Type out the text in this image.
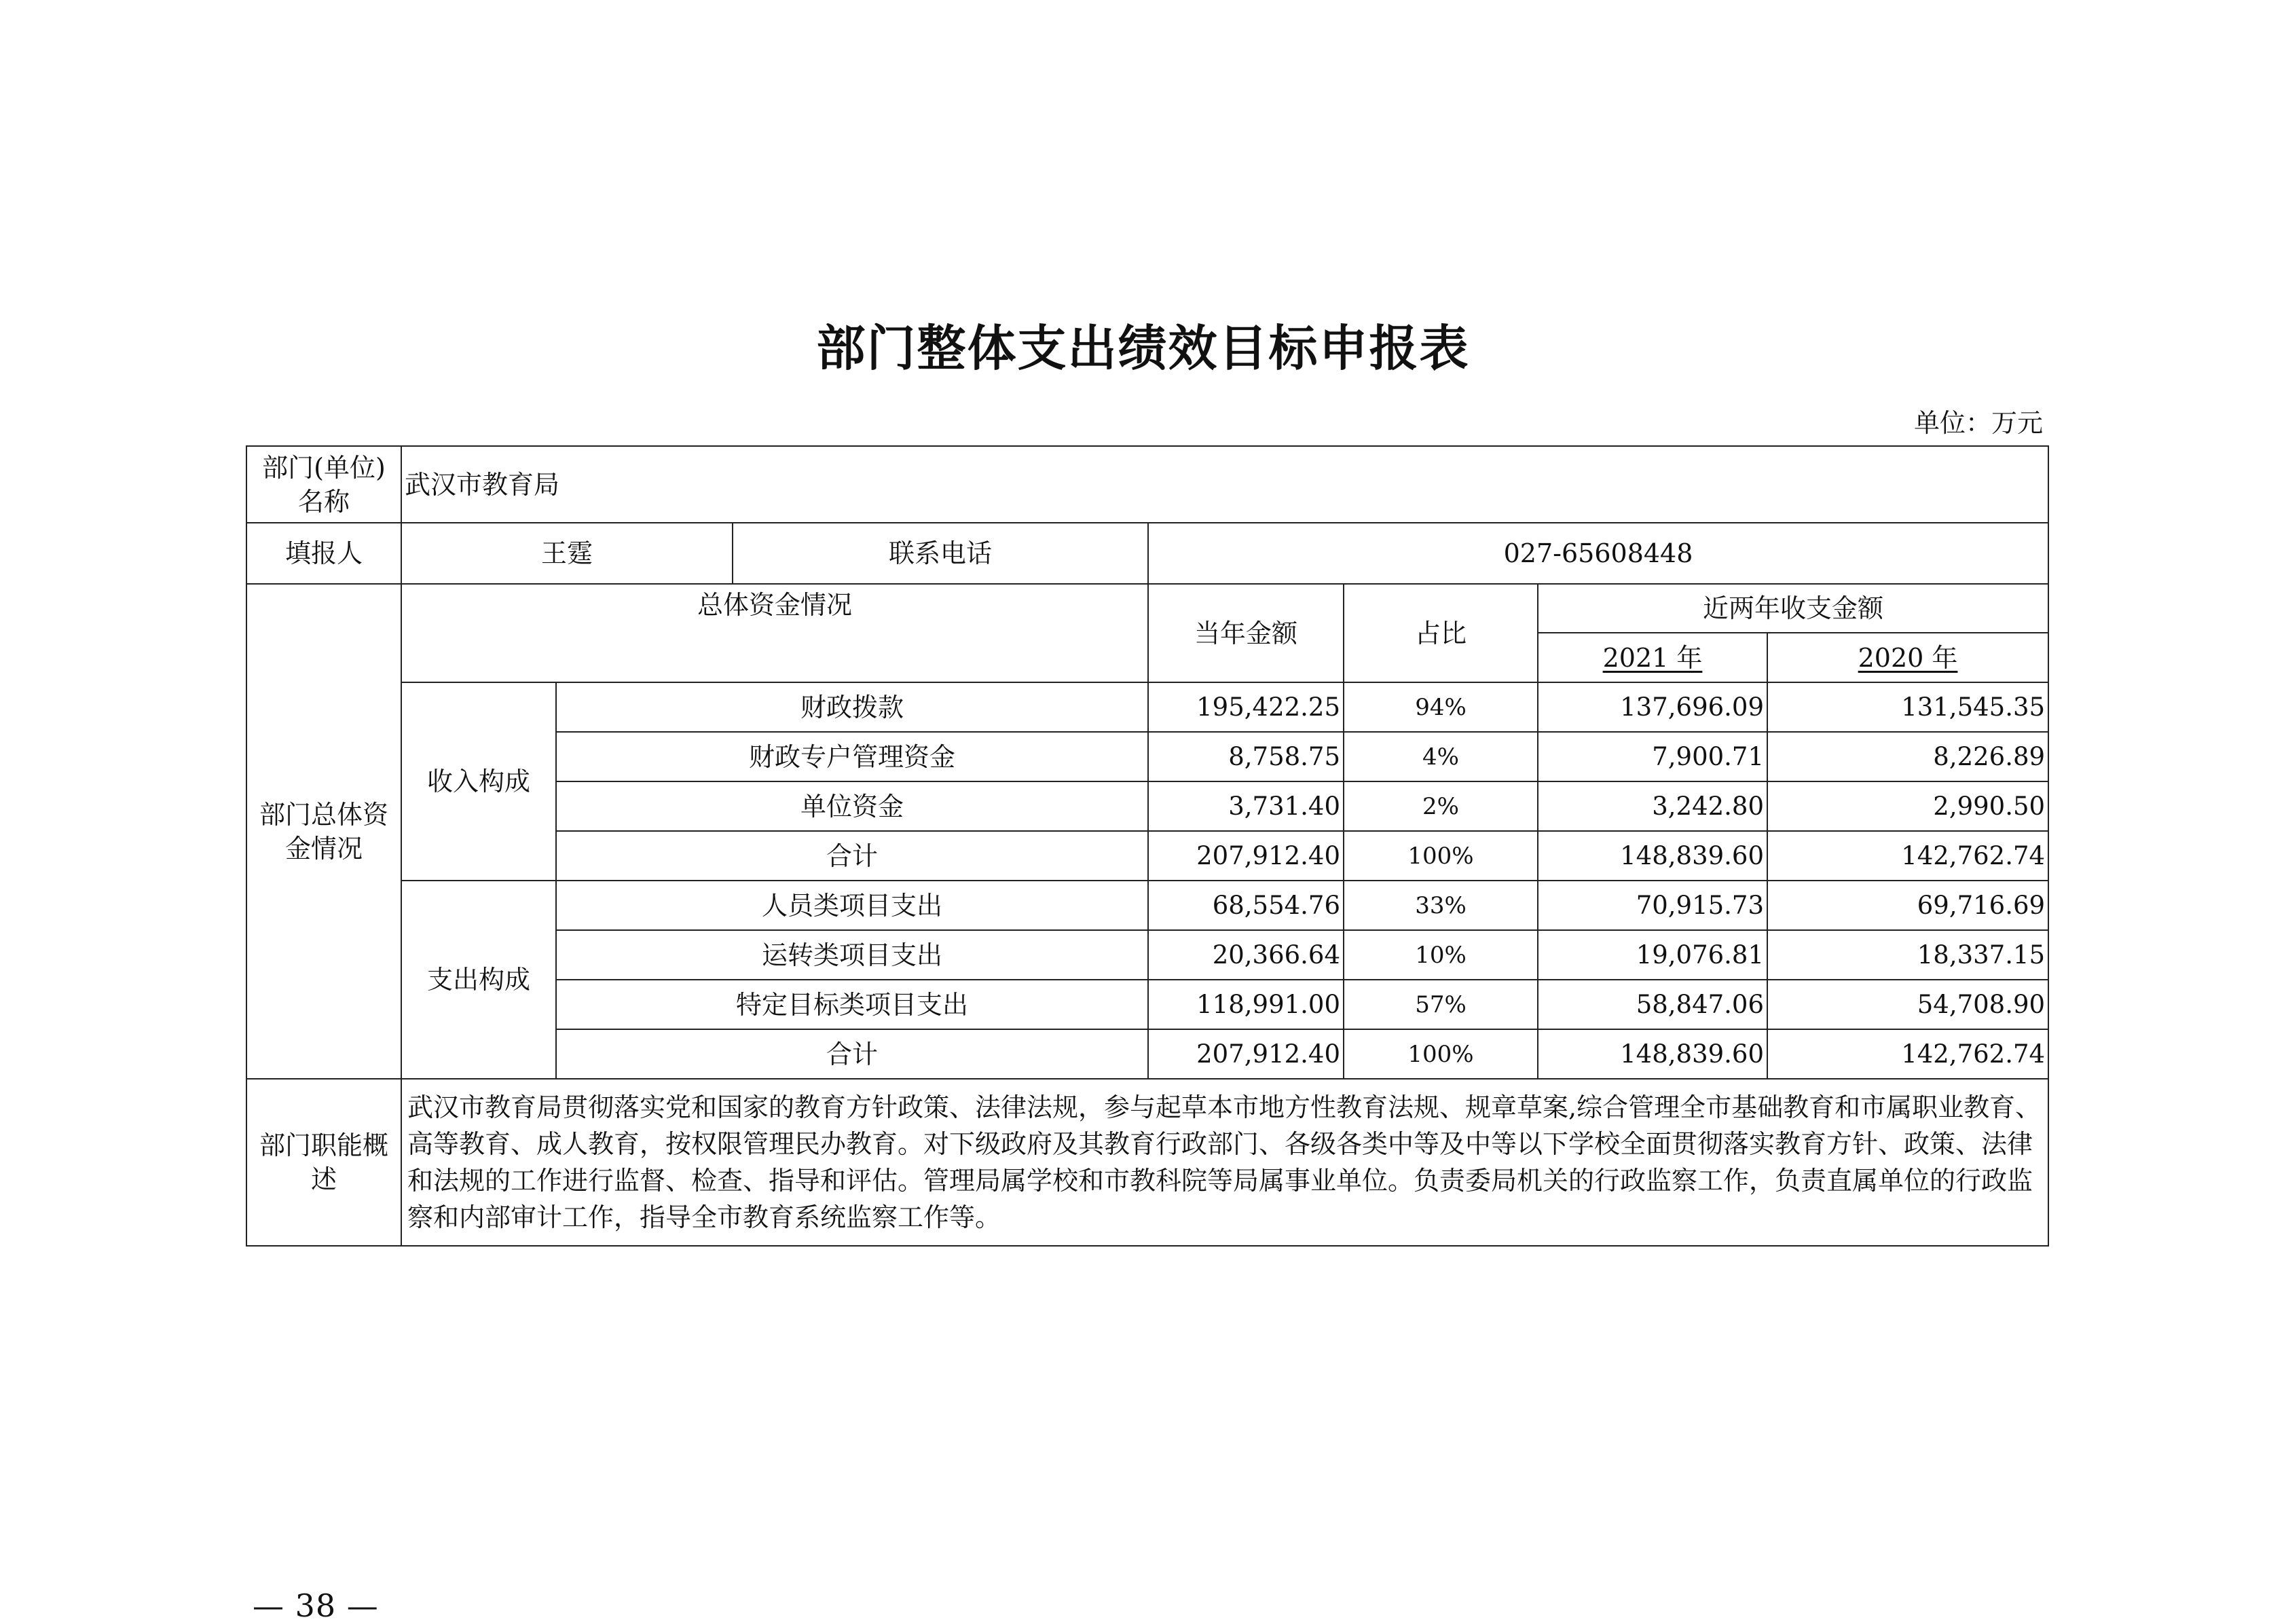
部门整体支出绩效目标申报表
单位：万元
部门(单位)名称	武汉市教育局						
填报人	王霆		联系电话	027-65608448			
部门总体资金情况	总体资金情况			当年金额	占比	近两年收支金额	
						2021 年	2020 年
	收入构成	财政拨款		195,422.25	94%	137,696.09	131,545.35
		财政专户管理资金		8,758.75	4%	7,900.71	8,226.89
		单位资金		3,731.40	2%	3,242.80	2,990.50
		合计		207,912.40	100%	148,839.60	142,762.74
	支出构成	人员类项目支出		68,554.76	33%	70,915.73	69,716.69
		运转类项目支出		20,366.64	10%	19,076.81	18,337.15
		特定目标类项目支出		118,991.00	57%	58,847.06	54,708.90
		合计		207,912.40	100%	148,839.60	142,762.74
部门职能概述	武汉市教育局贯彻落实党和国家的教育方针政策、法律法规，参与起草本市地方性教育法规、规章草案,综合管理全市基础教育和市属职业教育、高等教育、成人教育，按权限管理民办教育。对下级政府及其教育行政部门、各级各类中等及中等以下学校全面贯彻落实教育方针、政策、法律和法规的工作进行监督、检查、指导和评估。管理局属学校和市教科院等局属事业单位。负责委局机关的行政监察工作，负责直属单位的行政监察和内部审计工作，指导全市教育系统监察工作等。						
— 38 —
